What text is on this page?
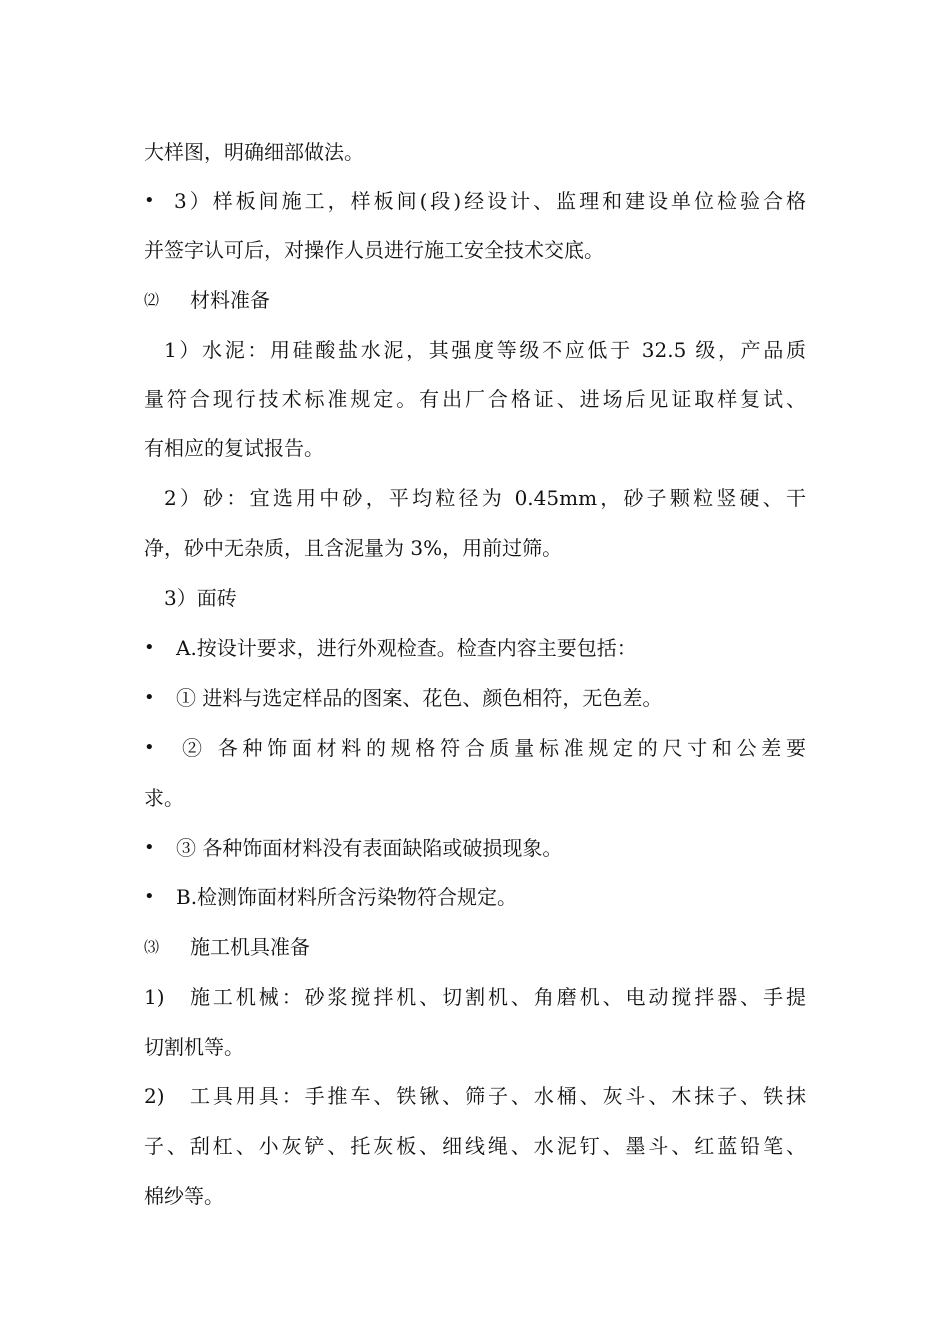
大样图，明确细部做法。
• 3）样板间施工，样板间(段)经设计、监理和建设单位检验合格
并签字认可后，对操作人员进行施工安全技术交底。
⑵ 材料准备
1）水泥：用硅酸盐水泥，其强度等级不应低于 32.5 级，产品质
量符合现行技术标准规定。有出厂合格证、进场后见证取样复试、
有相应的复试报告。
2）砂：宜选用中砂，平均粒径为 0.45mm，砂子颗粒竖硬、干
净，砂中无杂质，且含泥量为 3%，用前过筛。
3）面砖
•	A.按设计要求，进行外观检查。检查内容主要包括：
•	① 进料与选定样品的图案、花色、颜色相符，无色差。
•	② 各种饰面材料的规格符合质量标准规定的尺寸和公差要
求。
•	③ 各种饰面材料没有表面缺陷或破损现象。
•	B.检测饰面材料所含污染物符合规定。
⑶ 施工机具准备
1)	施工机械：砂浆搅拌机、切割机、角磨机、电动搅拌器、手提
切割机等。
2)	工具用具：手推车、铁锹、筛子、水桶、灰斗、木抹子、铁抹
子、刮杠、小灰铲、托灰板、细线绳、水泥钉、墨斗、红蓝铅笔、
棉纱等。
